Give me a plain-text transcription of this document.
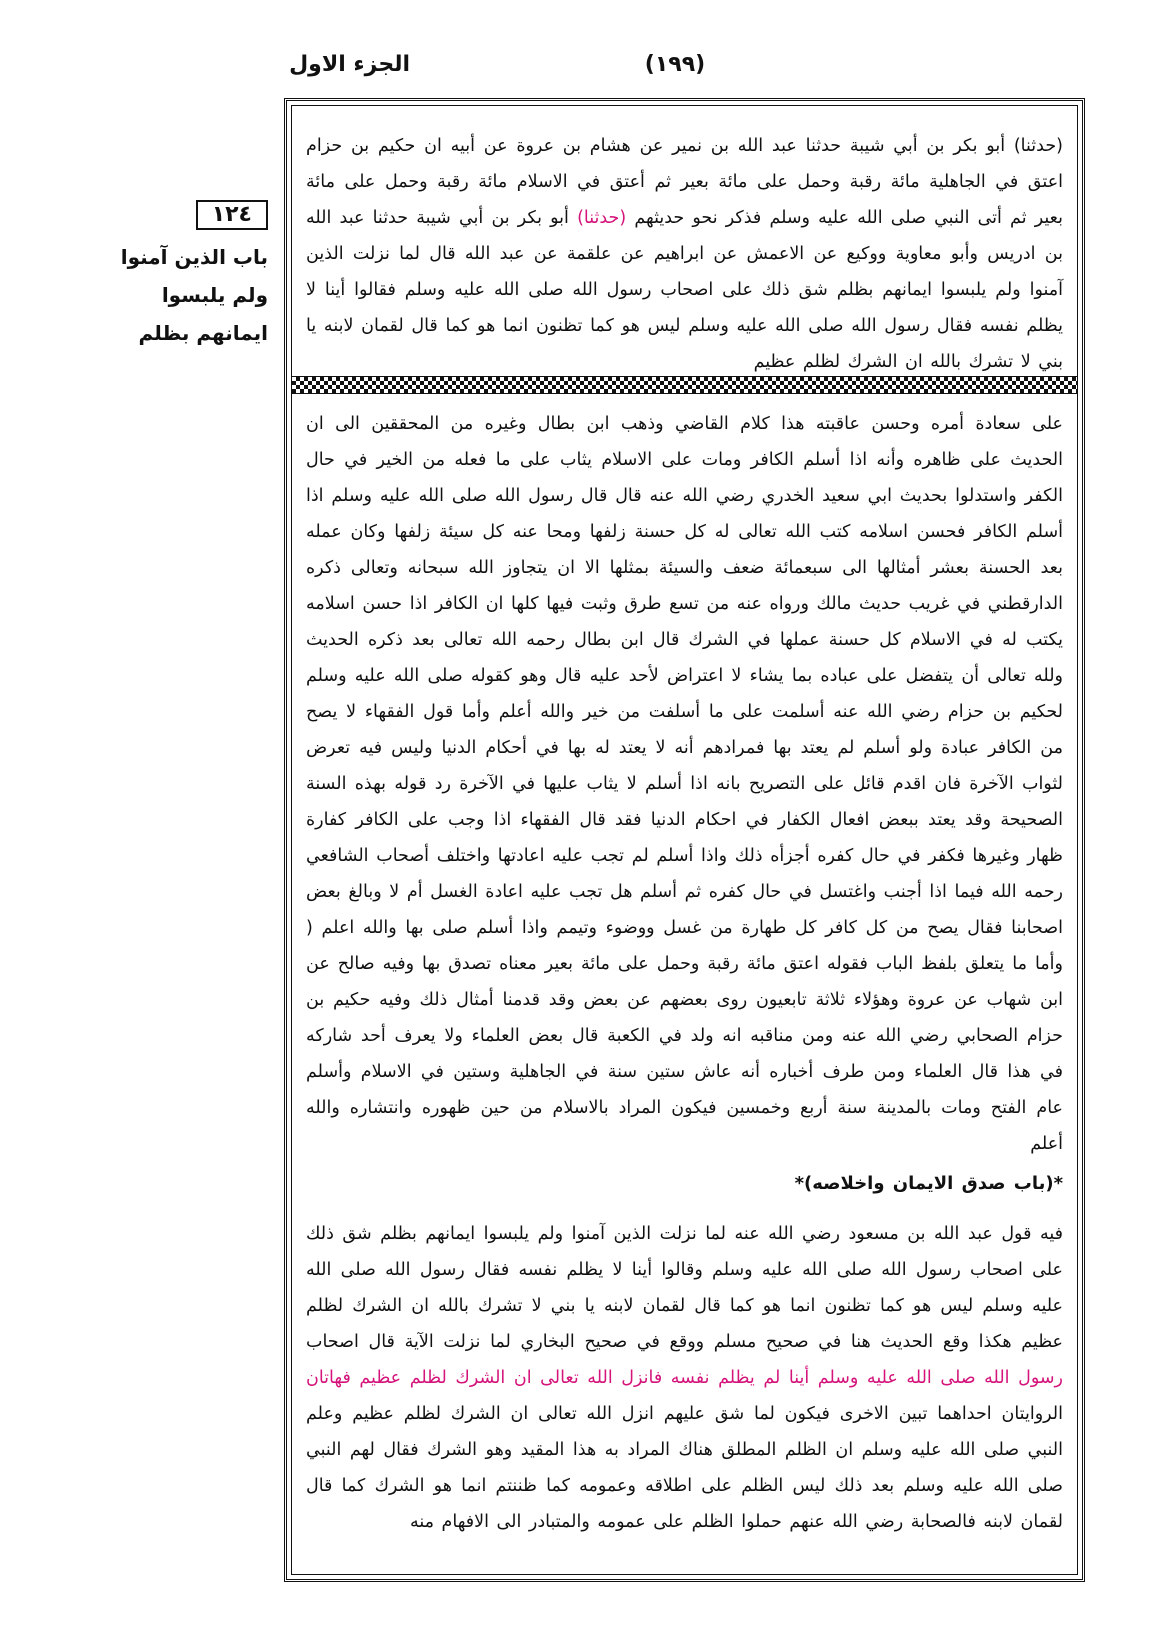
(١٩٩)
الجزء الاول
١٢٤
باب الذين آمنوا ولم يلبسوا ايمانهم بظلم

(حدثنا) أبو بكر بن أبي شيبة حدثنا عبد الله بن نمير عن هشام بن عروة عن أبيه ان حكيم بن حزام اعتق في الجاهلية مائة رقبة وحمل على مائة بعير ثم أعتق في الاسلام مائة رقبة وحمل على مائة بعير ثم أتى النبي صلى الله عليه وسلم فذكر نحو حديثهم (حدثنا) أبو بكر بن أبي شيبة حدثنا عبد الله بن ادريس وأبو معاوية ووكيع عن الاعمش عن ابراهيم عن علقمة عن عبد الله قال لما نزلت الذين آمنوا ولم يلبسوا ايمانهم بظلم شق ذلك على اصحاب رسول الله صلى الله عليه وسلم فقالوا أينا لا يظلم نفسه فقال رسول الله صلى الله عليه وسلم ليس هو كما تظنون انما هو كما قال لقمان لابنه يا بني لا تشرك بالله ان الشرك لظلم عظيم

على سعادة أمره وحسن عاقبته هذا كلام القاضي وذهب ابن بطال وغيره من المحققين الى ان الحديث على ظاهره وأنه اذا أسلم الكافر ومات على الاسلام يثاب على ما فعله من الخير في حال الكفر واستدلوا بحديث ابي سعيد الخدري رضي الله عنه قال قال رسول الله صلى الله عليه وسلم اذا أسلم الكافر فحسن اسلامه كتب الله تعالى له كل حسنة زلفها ومحا عنه كل سيئة زلفها وكان عمله بعد الحسنة بعشر أمثالها الى سبعمائة ضعف والسيئة بمثلها الا ان يتجاوز الله سبحانه وتعالى ذكره الدارقطني في غريب حديث مالك ورواه عنه من تسع طرق وثبت فيها كلها ان الكافر اذا حسن اسلامه يكتب له في الاسلام كل حسنة عملها في الشرك قال ابن بطال رحمه الله تعالى بعد ذكره الحديث ولله تعالى أن يتفضل على عباده بما يشاء لا اعتراض لأحد عليه قال وهو كقوله صلى الله عليه وسلم لحكيم بن حزام رضي الله عنه أسلمت على ما أسلفت من خير والله أعلم وأما قول الفقهاء لا يصح من الكافر عبادة ولو أسلم لم يعتد بها فمرادهم أنه لا يعتد له بها في أحكام الدنيا وليس فيه تعرض لثواب الآخرة فان اقدم قائل على التصريح بانه اذا أسلم لا يثاب عليها في الآخرة رد قوله بهذه السنة الصحيحة وقد يعتد ببعض افعال الكفار في احكام الدنيا فقد قال الفقهاء اذا وجب على الكافر كفارة ظهار وغيرها فكفر في حال كفره أجزأه ذلك واذا أسلم لم تجب عليه اعادتها واختلف أصحاب الشافعي رحمه الله فيما اذا أجنب واغتسل في حال كفره ثم أسلم هل تجب عليه اعادة الغسل أم لا وبالغ بعض اصحابنا فقال يصح من كل كافر كل طهارة من غسل ووضوء وتيمم واذا أسلم صلى بها والله اعلم ( وأما ما يتعلق بلفظ الباب فقوله اعتق مائة رقبة وحمل على مائة بعير معناه تصدق بها وفيه صالح عن ابن شهاب عن عروة وهؤلاء ثلاثة تابعيون روى بعضهم عن بعض وقد قدمنا أمثال ذلك وفيه حكيم بن حزام الصحابي رضي الله عنه ومن مناقبه انه ولد في الكعبة قال بعض العلماء ولا يعرف أحد شاركه في هذا قال العلماء ومن طرف أخباره أنه عاش ستين سنة في الجاهلية وستين في الاسلام وأسلم عام الفتح ومات بالمدينة سنة أربع وخمسين فيكون المراد بالاسلام من حين ظهوره وانتشاره والله أعلم

*(باب صدق الايمان واخلاصه)*

فيه قول عبد الله بن مسعود رضي الله عنه لما نزلت الذين آمنوا ولم يلبسوا ايمانهم بظلم شق ذلك على اصحاب رسول الله صلى الله عليه وسلم وقالوا أينا لا يظلم نفسه فقال رسول الله صلى الله عليه وسلم ليس هو كما تظنون انما هو كما قال لقمان لابنه يا بني لا تشرك بالله ان الشرك لظلم عظيم هكذا وقع الحديث هنا في صحيح مسلم ووقع في صحيح البخاري لما نزلت الآية قال اصحاب رسول الله صلى الله عليه وسلم أينا لم يظلم نفسه فانزل الله تعالى ان الشرك لظلم عظيم فهاتان الروايتان احداهما تبين الاخرى فيكون لما شق عليهم انزل الله تعالى ان الشرك لظلم عظيم وعلم النبي صلى الله عليه وسلم ان الظلم المطلق هناك المراد به هذا المقيد وهو الشرك فقال لهم النبي صلى الله عليه وسلم بعد ذلك ليس الظلم على اطلاقه وعمومه كما ظننتم انما هو الشرك كما قال لقمان لابنه فالصحابة رضي الله عنهم حملوا الظلم على عمومه والمتبادر الى الافهام منه
